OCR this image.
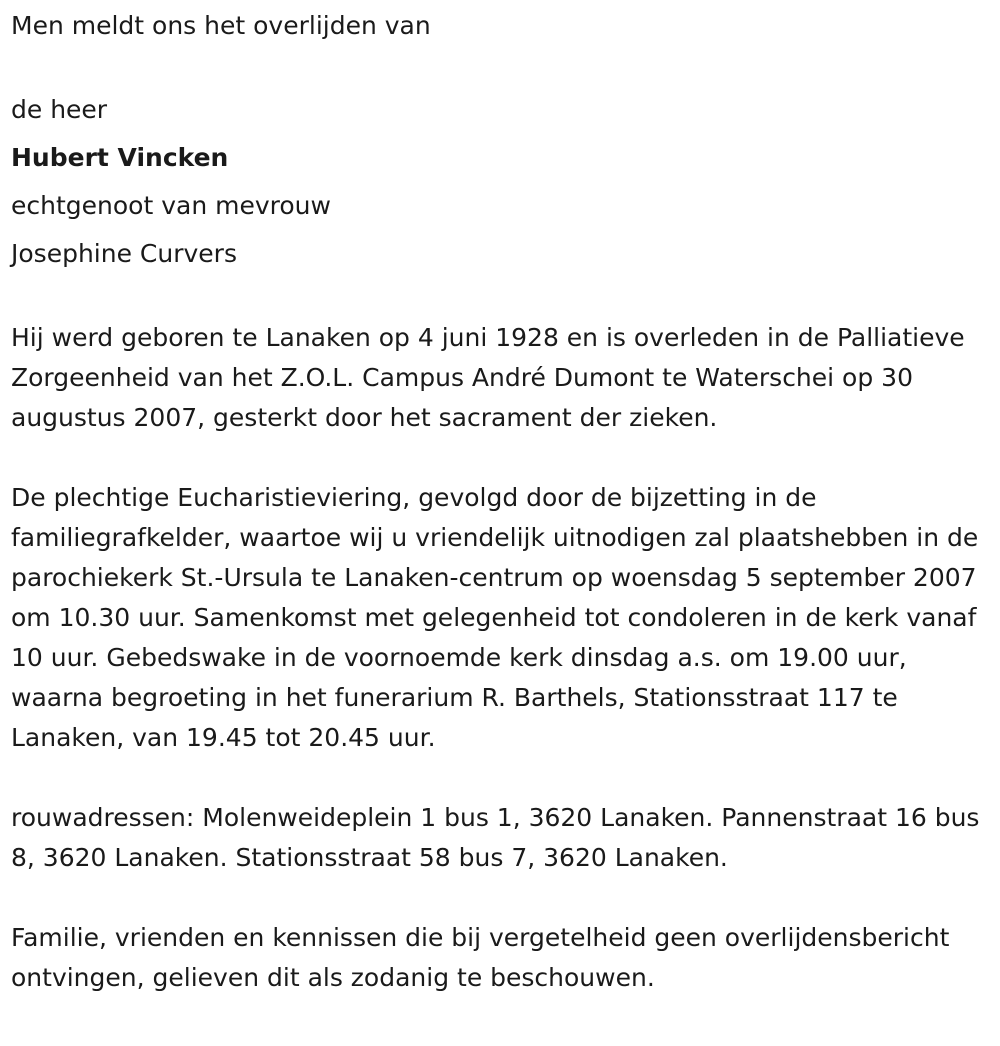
Men meldt ons het overlijden van
de heer
Hubert Vincken
echtgenoot van mevrouw
Josephine Curvers

Hij werd geboren te Lanaken op 4 juni 1928 en is overleden in de Palliatieve Zorgeenheid van het Z.O.L. Campus André Dumont te Waterschei op 30 augustus 2007, gesterkt door het sacrament der zieken.

De plechtige Eucharistieviering, gevolgd door de bijzetting in de familiegrafkelder, waartoe wij u vriendelijk uitnodigen zal plaatshebben in de parochiekerk St.-Ursula te Lanaken-centrum op woensdag 5 september 2007 om 10.30 uur. Samenkomst met gelegenheid tot condoleren in de kerk vanaf 10 uur. Gebedswake in de voornoemde kerk dinsdag a.s. om 19.00 uur, waarna begroeting in het funerarium R. Barthels, Stationsstraat 117 te Lanaken, van 19.45 tot 20.45 uur.

rouwadressen: Molenweideplein 1 bus 1, 3620 Lanaken. Pannenstraat 16 bus 8, 3620 Lanaken. Stationsstraat 58 bus 7, 3620 Lanaken.

Familie, vrienden en kennissen die bij vergetelheid geen overlijdensbericht ontvingen, gelieven dit als zodanig te beschouwen.
